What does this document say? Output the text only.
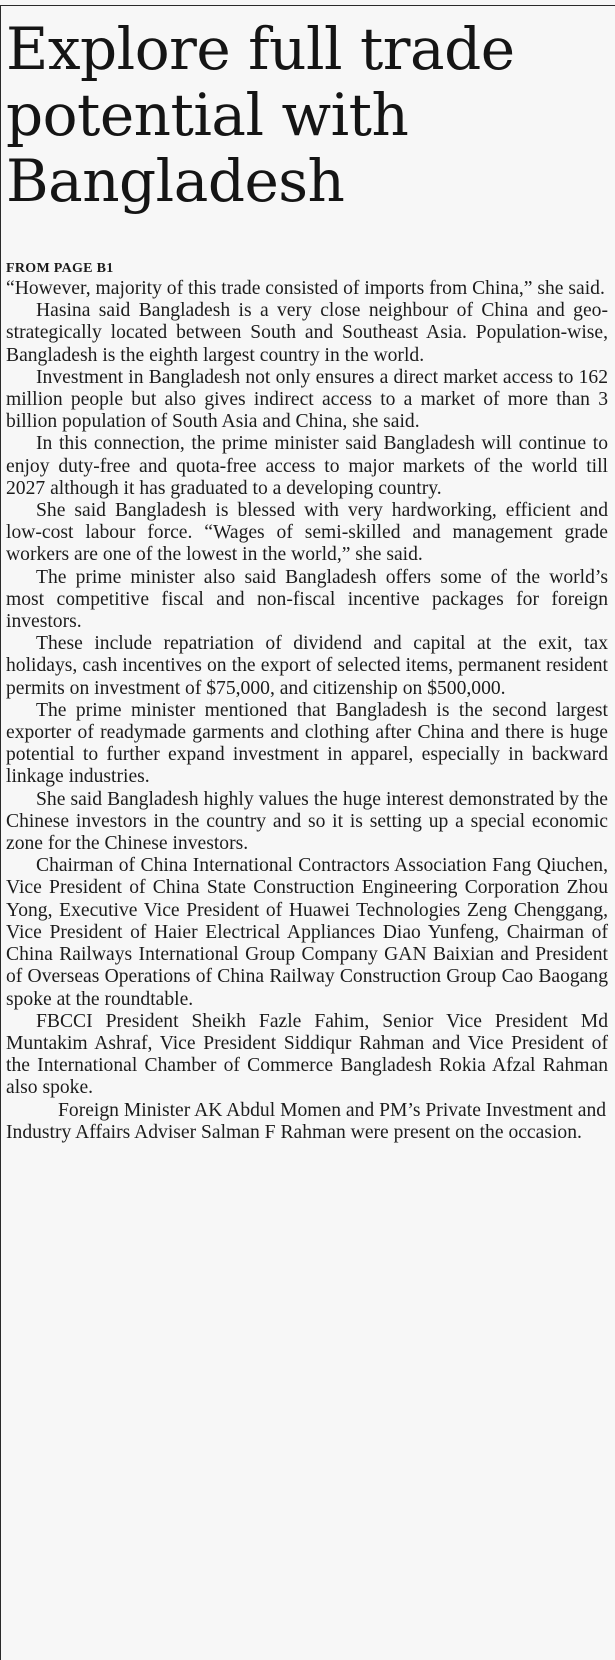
Explore full trade potential with Bangladesh
FROM PAGE B1

“However, majority of this trade consisted of imports from China,” she said.

Hasina said Bangladesh is a very close neighbour of China and geo-strategically located between South and Southeast Asia. Population-wise, Bangladesh is the eighth largest country in the world.

Investment in Bangladesh not only ensures a direct market access to 162 million people but also gives indirect access to a market of more than 3 billion population of South Asia and China, she said.

In this connection, the prime minister said Bangladesh will continue to enjoy duty-free and quota-free access to major markets of the world till 2027 although it has graduated to a developing country.

She said Bangladesh is blessed with very hardworking, efficient and low-cost labour force. “Wages of semi-skilled and management grade workers are one of the lowest in the world,” she said.

The prime minister also said Bangladesh offers some of the world’s most competitive fiscal and non-fiscal incentive packages for foreign investors.

These include repatriation of dividend and capital at the exit, tax holidays, cash incentives on the export of selected items, permanent resident permits on investment of $75,000, and citizenship on $500,000.

The prime minister mentioned that Bangladesh is the second largest exporter of readymade garments and clothing after China and there is huge potential to further expand investment in apparel, especially in backward linkage industries.

She said Bangladesh highly values the huge interest demonstrated by the Chinese investors in the country and so it is setting up a special economic zone for the Chinese investors.

Chairman of China International Contractors Association Fang Qiuchen, Vice President of China State Construction Engineering Corporation Zhou Yong, Executive Vice President of Huawei Technologies Zeng Chenggang, Vice President of Haier Electrical Appliances Diao Yunfeng, Chairman of China Railways International Group Company GAN Baixian and President of Overseas Operations of China Railway Construction Group Cao Baogang spoke at the roundtable.

FBCCI President Sheikh Fazle Fahim, Senior Vice President Md Muntakim Ashraf, Vice President Siddiqur Rahman and Vice President of the International Chamber of Commerce Bangladesh Rokia Afzal Rahman also spoke.

Foreign Minister AK Abdul Momen and PM’s Private Investment and Industry Affairs Adviser Salman F Rahman were present on the occasion.
